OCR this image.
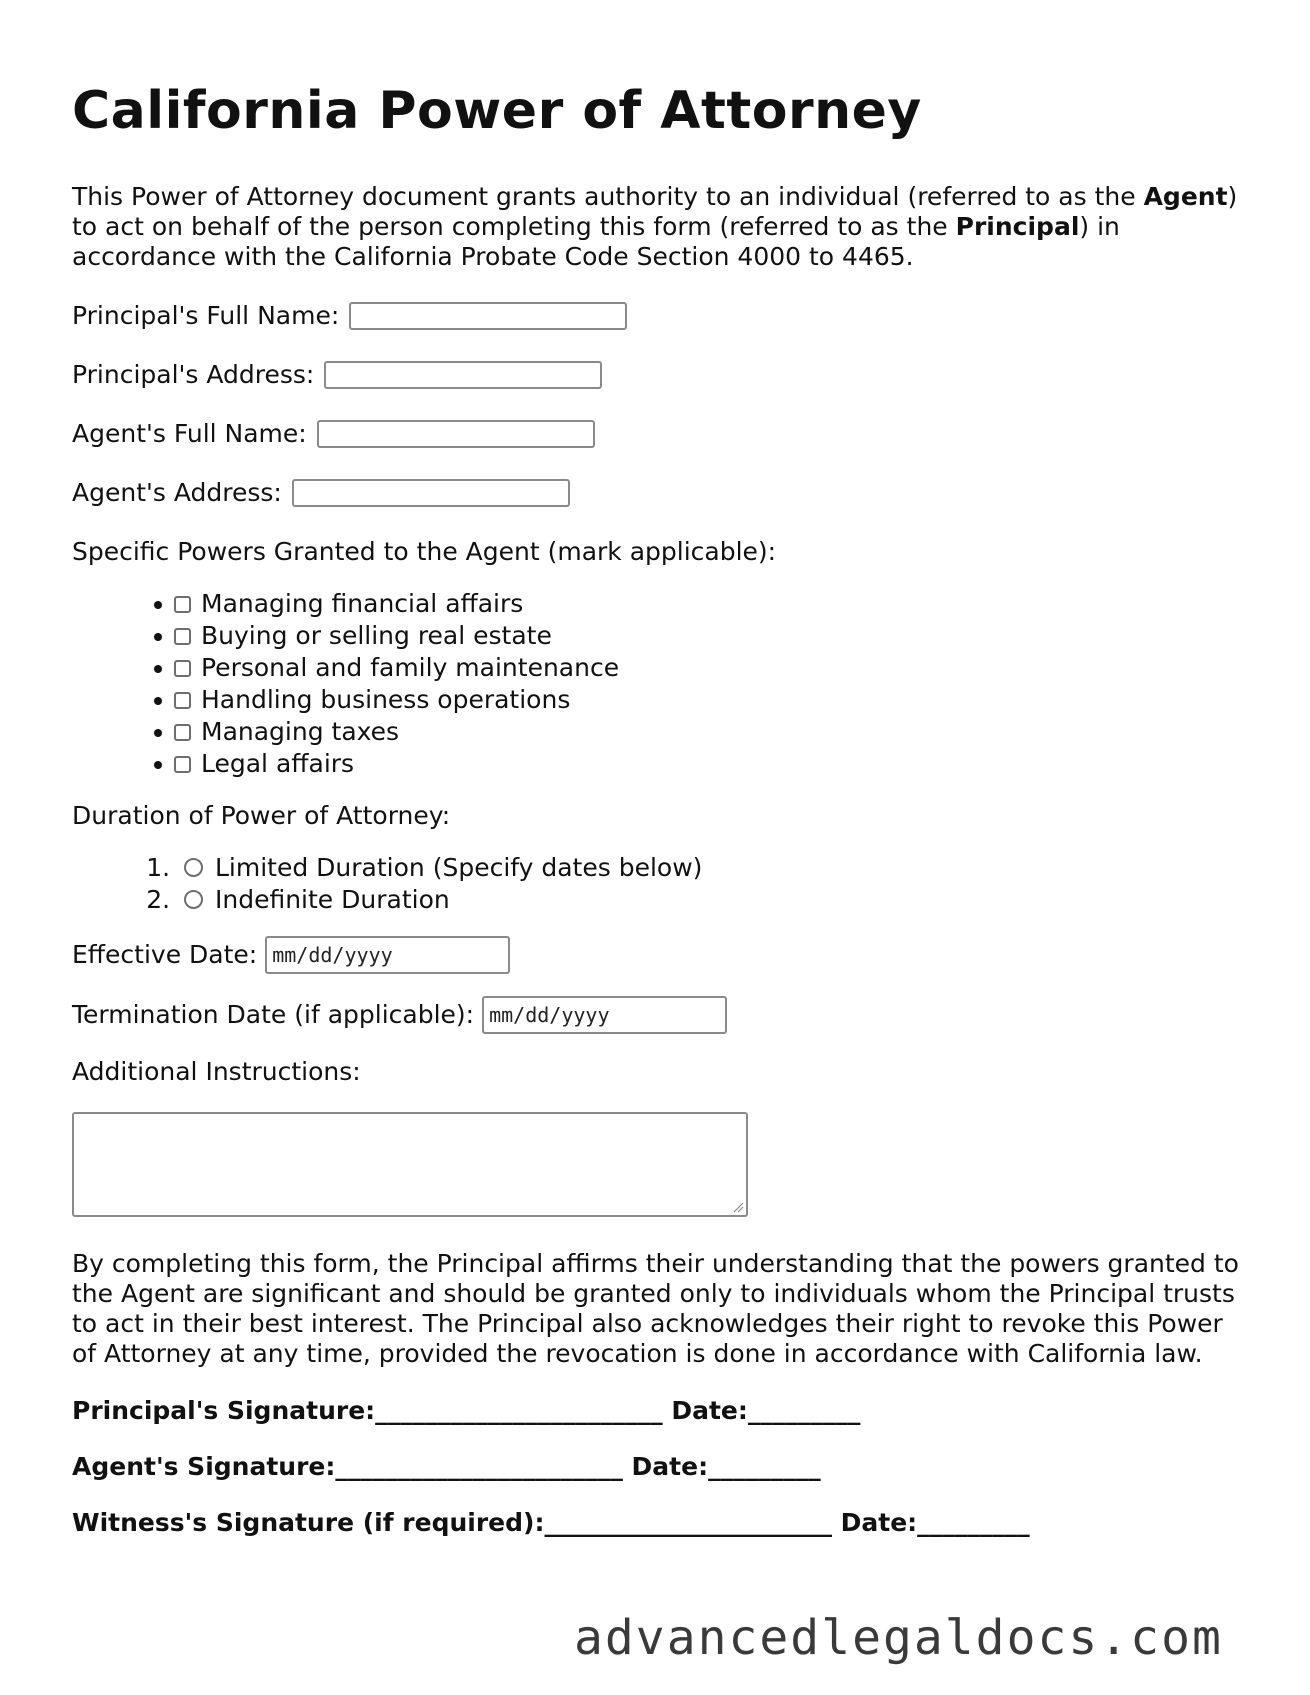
California Power of Attorney

This Power of Attorney document grants authority to an individual (referred to as the Agent) to act on behalf of the person completing this form (referred to as the Principal) in accordance with the California Probate Code Section 4000 to 4465.

Principal's Full Name:
Principal's Address:
Agent's Full Name:
Agent's Address:
Specific Powers Granted to the Agent (mark applicable):
• Managing financial affairs
• Buying or selling real estate
• Personal and family maintenance
• Handling business operations
• Managing taxes
• Legal affairs
Duration of Power of Attorney:
1. Limited Duration (Specify dates below)
2. Indefinite Duration
Effective Date: mm/dd/yyyy
Termination Date (if applicable): mm/dd/yyyy
Additional Instructions:

By completing this form, the Principal affirms their understanding that the powers granted to the Agent are significant and should be granted only to individuals whom the Principal trusts to act in their best interest. The Principal also acknowledges their right to revoke this Power of Attorney at any time, provided the revocation is done in accordance with California law.

Principal's Signature:_______________________ Date:_________
Agent's Signature:_______________________ Date:_________
Witness's Signature (if required):_______________________ Date:_________
advancedlegaldocs.com
